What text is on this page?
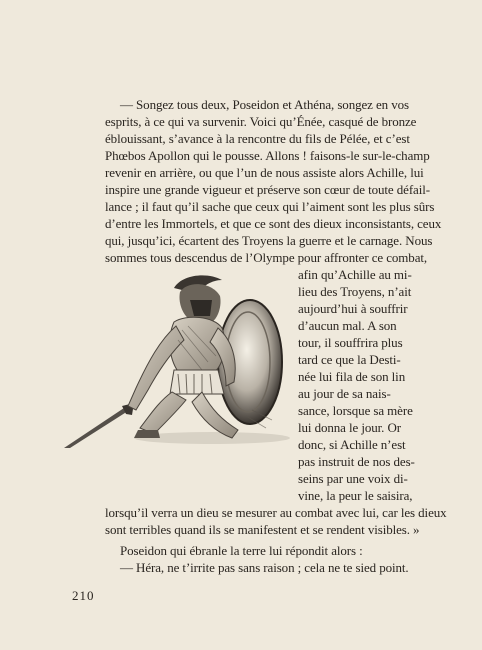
— Songez tous deux, Poseidon et Athéna, songez en vos
esprits, à ce qui va survenir. Voici qu’Énée, casqué de bronze
éblouissant, s’avance à la rencontre du fils de Pélée, et c’est
Phœbos Apollon qui le pousse. Allons ! faisons-le sur-le-champ
revenir en arrière, ou que l’un de nous assiste alors Achille, lui
inspire une grande vigueur et préserve son cœur de toute défail-
lance ; il faut qu’il sache que ceux qui l’aiment sont les plus sûrs
d’entre les Immortels, et que ce sont des dieux inconsistants, ceux
qui, jusqu’ici, écartent des Troyens la guerre et le carnage. Nous
sommes tous descendus de l’Olympe pour affronter ce combat,
afin qu’Achille au mi-
lieu des Troyens, n’ait
aujourd’hui à souffrir
d’aucun mal. A son
tour, il souffrira plus
tard ce que la Desti-
née lui fila de son lin
au jour de sa nais-
sance, lorsque sa mère
lui donna le jour. Or
donc, si Achille n’est
pas instruit de nos des-
seins par une voix di-
vine, la peur le saisira,
lorsqu’il verra un dieu se mesurer au combat avec lui, car les dieux
sont terribles quand ils se manifestent et se rendent visibles. »
Poseidon qui ébranle la terre lui répondit alors :
— Héra, ne t’irrite pas sans raison ; cela ne te sied point.
210
